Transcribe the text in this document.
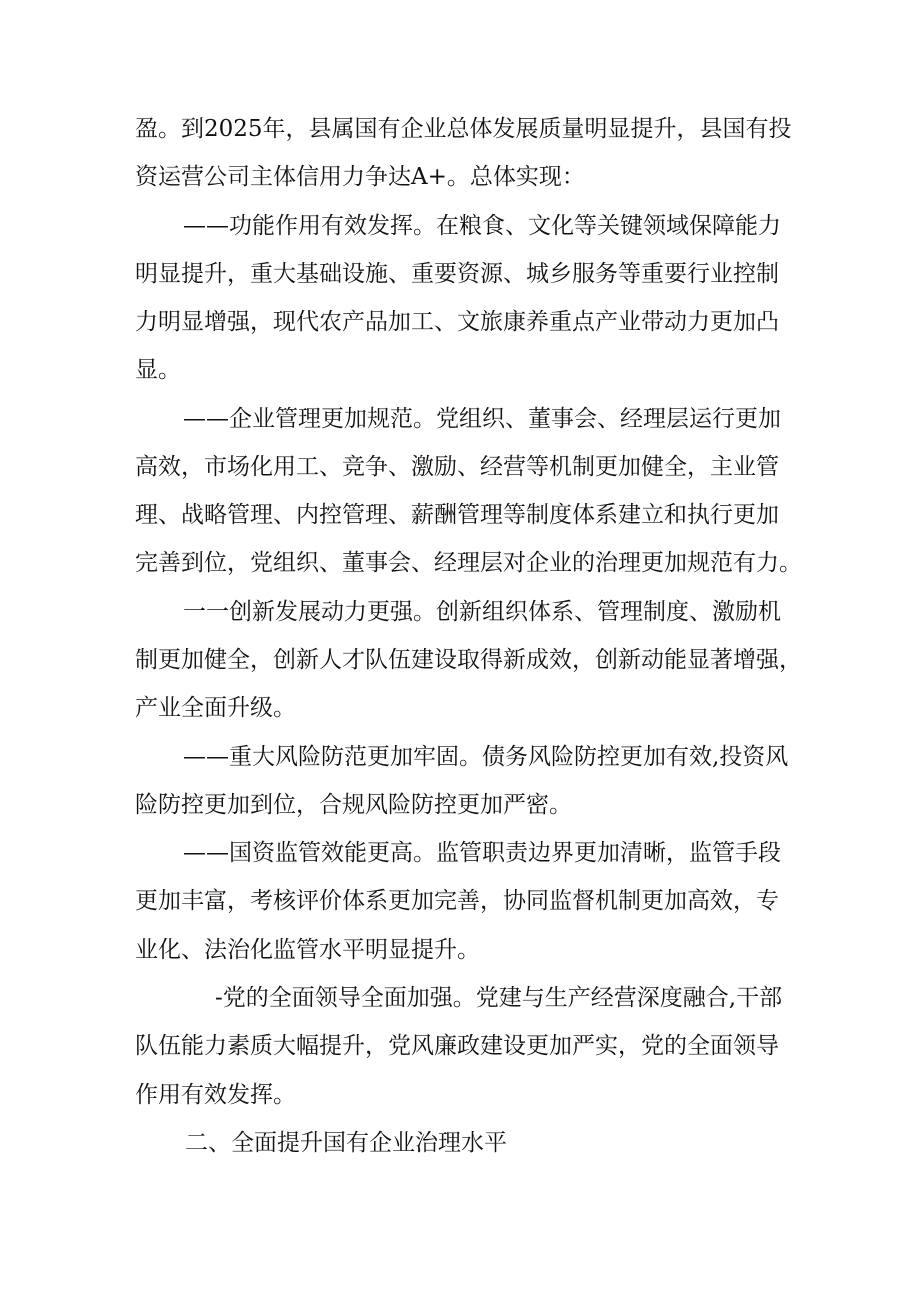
盈。到2025年，县属国有企业总体发展质量明显提升，县国有投

资运营公司主体信用力争达A+。总体实现：

——功能作用有效发挥。在粮食、文化等关键领域保障能力

明显提升，重大基础设施、重要资源、城乡服务等重要行业控制

力明显增强，现代农产品加工、文旅康养重点产业带动力更加凸

显。

——企业管理更加规范。党组织、董事会、经理层运行更加

高效，市场化用工、竞争、激励、经营等机制更加健全，主业管

理、战略管理、内控管理、薪酬管理等制度体系建立和执行更加

完善到位，党组织、董事会、经理层对企业的治理更加规范有力。

一一创新发展动力更强。创新组织体系、管理制度、激励机

制更加健全，创新人才队伍建设取得新成效，创新动能显著增强，

产业全面升级。

——重大风险防范更加牢固。债务风险防控更加有效,投资风

险防控更加到位，合规风险防控更加严密。

——国资监管效能更高。监管职责边界更加清晰，监管手段

更加丰富，考核评价体系更加完善，协同监督机制更加高效，专

业化、法治化监管水平明显提升。

-党的全面领导全面加强。党建与生产经营深度融合,干部

队伍能力素质大幅提升，党风廉政建设更加严实，党的全面领导

作用有效发挥。

二、全面提升国有企业治理水平
